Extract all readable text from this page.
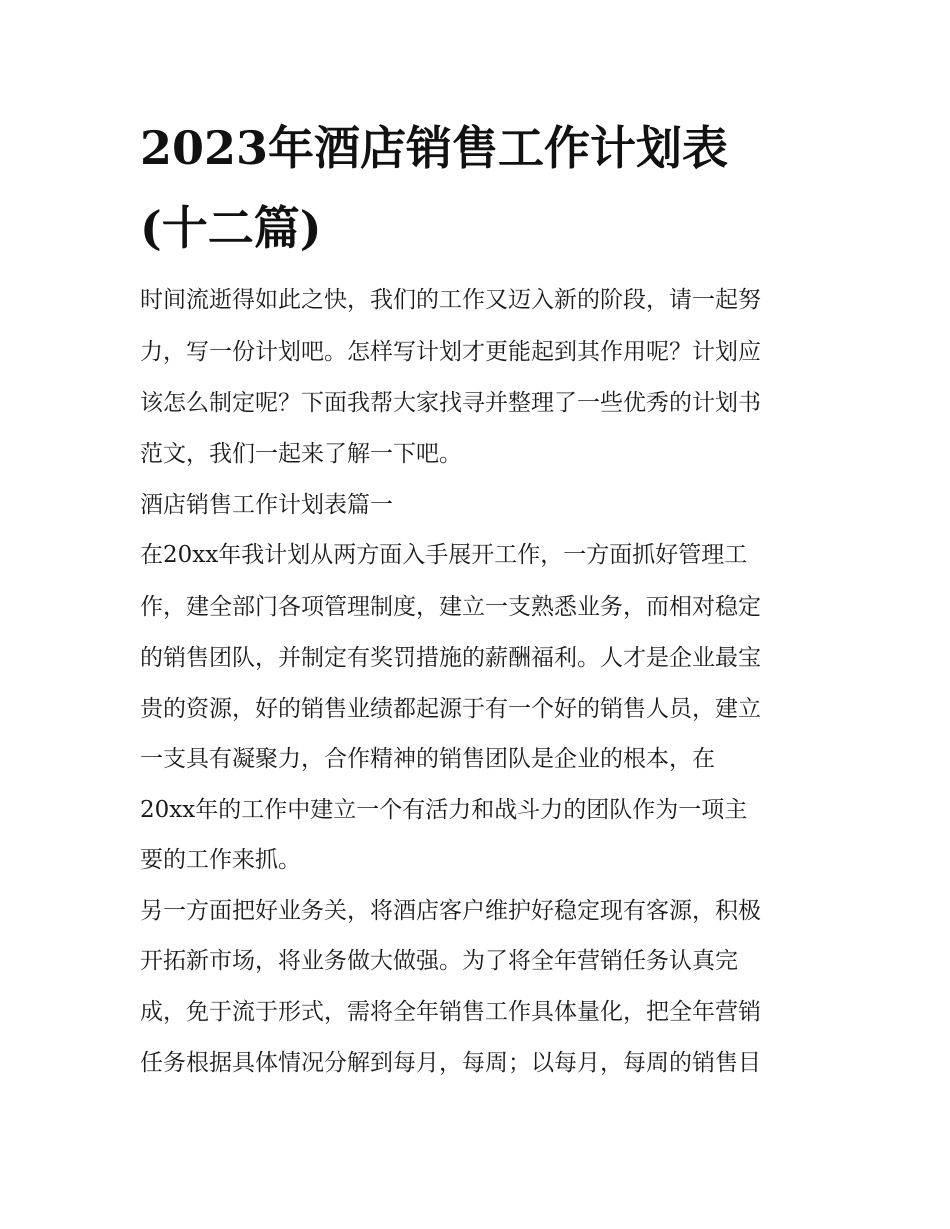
2023年酒店销售工作计划表
(十二篇)
时间流逝得如此之快，我们的工作又迈入新的阶段，请一起努
力，写一份计划吧。怎样写计划才更能起到其作用呢？计划应
该怎么制定呢？下面我帮大家找寻并整理了一些优秀的计划书
范文，我们一起来了解一下吧。
酒店销售工作计划表篇一
在20xx年我计划从两方面入手展开工作，一方面抓好管理工
作，建全部门各项管理制度，建立一支熟悉业务，而相对稳定
的销售团队，并制定有奖罚措施的薪酬福利。人才是企业最宝
贵的资源，好的销售业绩都起源于有一个好的销售人员，建立
一支具有凝聚力，合作精神的销售团队是企业的根本，在
20xx年的工作中建立一个有活力和战斗力的团队作为一项主
要的工作来抓。
另一方面把好业务关，将酒店客户维护好稳定现有客源，积极
开拓新市场，将业务做大做强。为了将全年营销任务认真完
成，免于流于形式，需将全年销售工作具体量化，把全年营销
任务根据具体情况分解到每月，每周；以每月，每周的销售目
